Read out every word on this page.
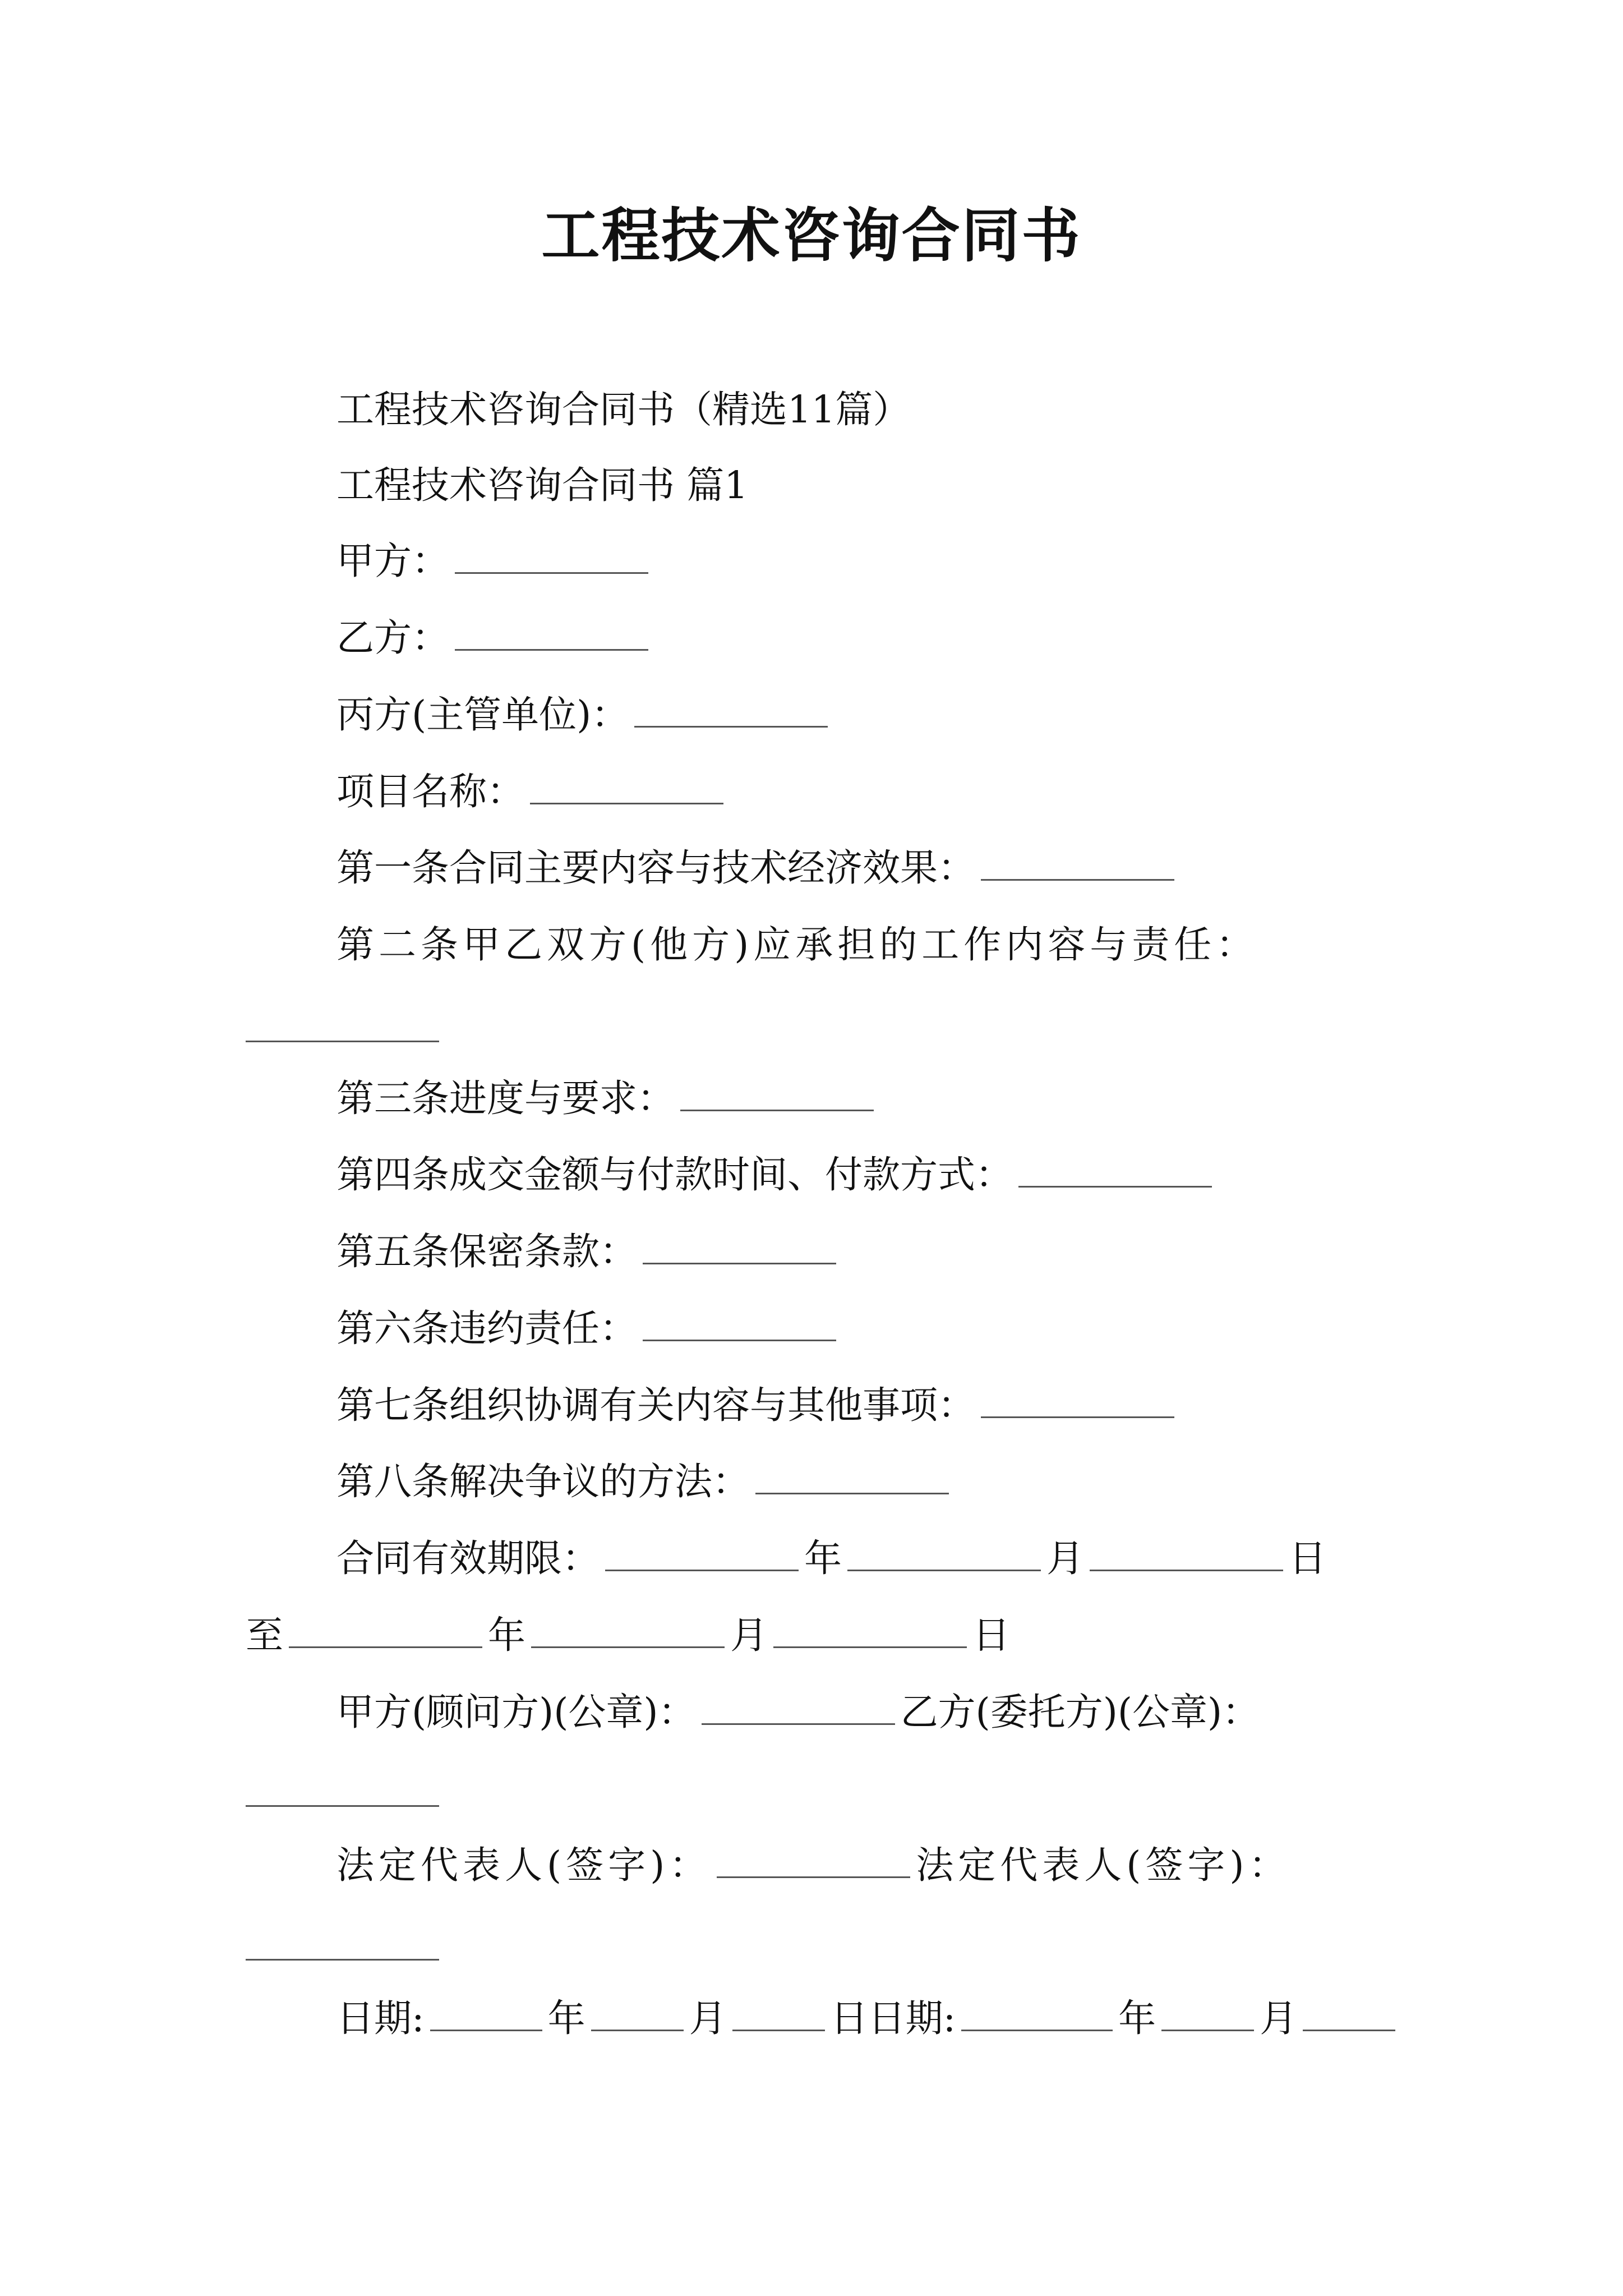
工程技术咨询合同书
工程技术咨询合同书（精选11篇）
工程技术咨询合同书 篇1
甲方：
乙方：
丙方(主管单位)：
项目名称：
第一条合同主要内容与技术经济效果：
第二条甲乙双方(他方)应承担的工作内容与责任：
第三条进度与要求：
第四条成交金额与付款时间、付款方式：
第五条保密条款：
第六条违约责任：
第七条组织协调有关内容与其他事项：
第八条解决争议的方法：
合同有效期限：	年	月	日
至	年	月	日
甲方(顾问方)(公章)：	乙方(委托方)(公章)：
法定代表人(签字)：	法定代表人(签字)：
日期:	年	月	日日期:	年	月
